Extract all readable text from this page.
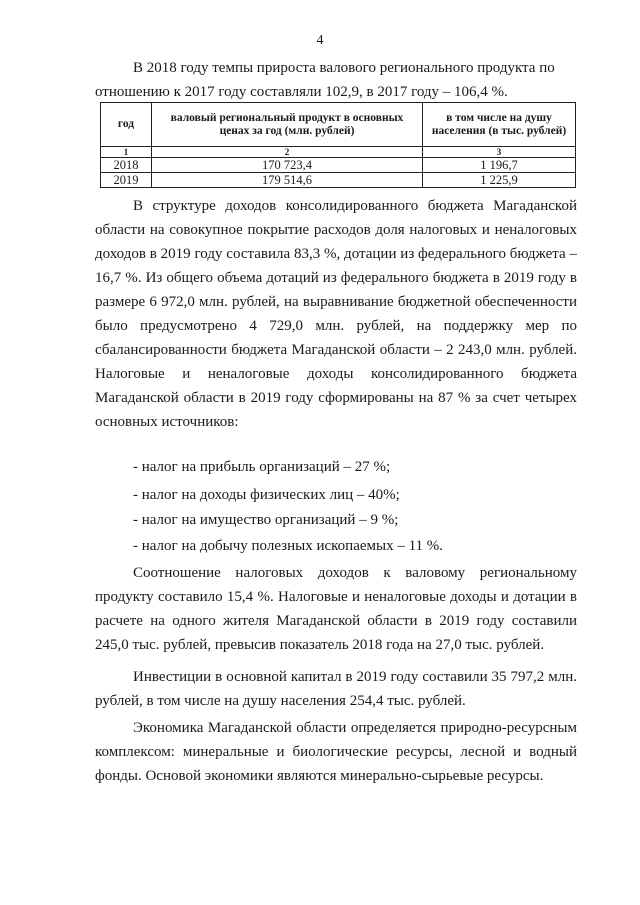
4
В 2018 году темпы прироста валового регионального продукта по
отношению к 2017 году составляли 102,9, в 2017 году – 106,4 %.
год	валовый региональный продукт в основных ценах за год (млн. рублей)	в том числе на душу населения (в тыс. рублей)
1	2	3
2018	170 723,4	1 196,7
2019	179 514,6	1 225,9
В структуре доходов консолидированного бюджета Магаданской области на совокупное покрытие расходов доля налоговых и неналоговых доходов в 2019 году составила 83,3 %, дотации из федерального бюджета – 16,7 %. Из общего объема дотаций из федерального бюджета в 2019 году в размере 6 972,0 млн. рублей, на выравнивание бюджетной обеспеченности было предусмотрено 4 729,0 млн. рублей, на поддержку мер по сбалансированности бюджета Магаданской области – 2 243,0 млн. рублей. Налоговые и неналоговые доходы консолидированного бюджета Магаданской области в 2019 году сформированы на 87 % за счет четырех основных источников:
- налог на прибыль организаций – 27 %;
- налог на доходы физических лиц – 40%;
- налог на имущество организаций – 9 %;
- налог на добычу полезных ископаемых – 11 %.
Соотношение налоговых доходов к валовому региональному продукту составило 15,4 %. Налоговые и неналоговые доходы и дотации в расчете на одного жителя Магаданской области в 2019 году составили 245,0 тыс. рублей, превысив показатель 2018 года на 27,0 тыс. рублей.
Инвестиции в основной капитал в 2019 году составили 35 797,2 млн. рублей, в том числе на душу населения 254,4 тыс. рублей.
Экономика Магаданской области определяется природно-ресурсным комплексом: минеральные и биологические ресурсы, лесной и водный фонды. Основой экономики являются минерально-сырьевые ресурсы.
